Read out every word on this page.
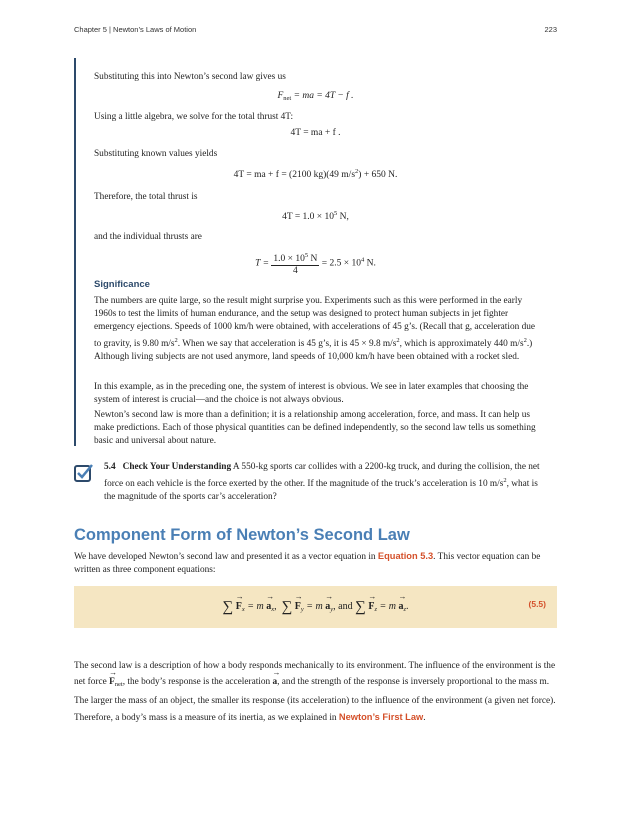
Chapter 5 | Newton’s Laws of Motion	223

Substituting this into Newton’s second law gives us

$F_{net}$ = ma = 4T − f .

Using a little algebra, we solve for the total thrust 4T:

4T = ma + f .

Substituting known values yields

4T = ma + f = (2100 kg)(49 $m/s^2) + 650$ N.

Therefore, the total thrust is

$4T = 1.0 \times 10^5$ N,

and the individual thrusts are

$T = \frac{1.0 \times 10^5 N}{4} = 2.5 \times 10^4$ N.
Significance

The numbers are quite large, so the result might surprise you. Experiments such as this were performed in the early 1960s to test the limits of human endurance, and the setup was designed to protect human subjects in jet fighter emergency ejections. Speeds of 1000 km/h were obtained, with accelerations of 45 g’s. (Recall that g, acceleration due to gravity, is 9.80 $m/s^2$. When we say that acceleration is 45 g’s, it is 45 × 9.8 $m/s^2$, which is approximately 440 $m/s^2$.) Although living subjects are not used anymore, land speeds of 10,000 km/h have been obtained with a rocket sled.

In this example, as in the preceding one, the system of interest is obvious. We see in later examples that choosing the system of interest is crucial—and the choice is not always obvious.

Newton’s second law is more than a definition; it is a relationship among acceleration, force, and mass. It can help us make predictions. Each of those physical quantities can be defined independently, so the second law tells us something basic and universal about nature.

5.4 Check Your Understanding A 550-kg sports car collides with a 2200-kg truck, and during the collision, the net force on each vehicle is the force exerted by the other. If the magnitude of the truck’s acceleration is 10 $m/s^2$, what is the magnitude of the sports car’s acceleration?
Component Form of Newton’s Second Law
We have developed Newton’s second law and presented it as a vector equation in Equation 5.3. This vector equation can be written as three component equations:
∑ → $F_x = m \to a_x$,  ∑ → $F_y = m \to a_y$, and ∑ → $F_z = m \to a_z$.	(5.5)
The second law is a description of how a body responds mechanically to its environment. The influence of the environment is the net force → $F_{net}$, the body’s response is the acceleration → a, and the strength of the response is inversely proportional to the mass m. The larger the mass of an object, the smaller its response (its acceleration) to the influence of the environment (a given net force). Therefore, a body’s mass is a measure of its inertia, as we explained in Newton’s First Law.
